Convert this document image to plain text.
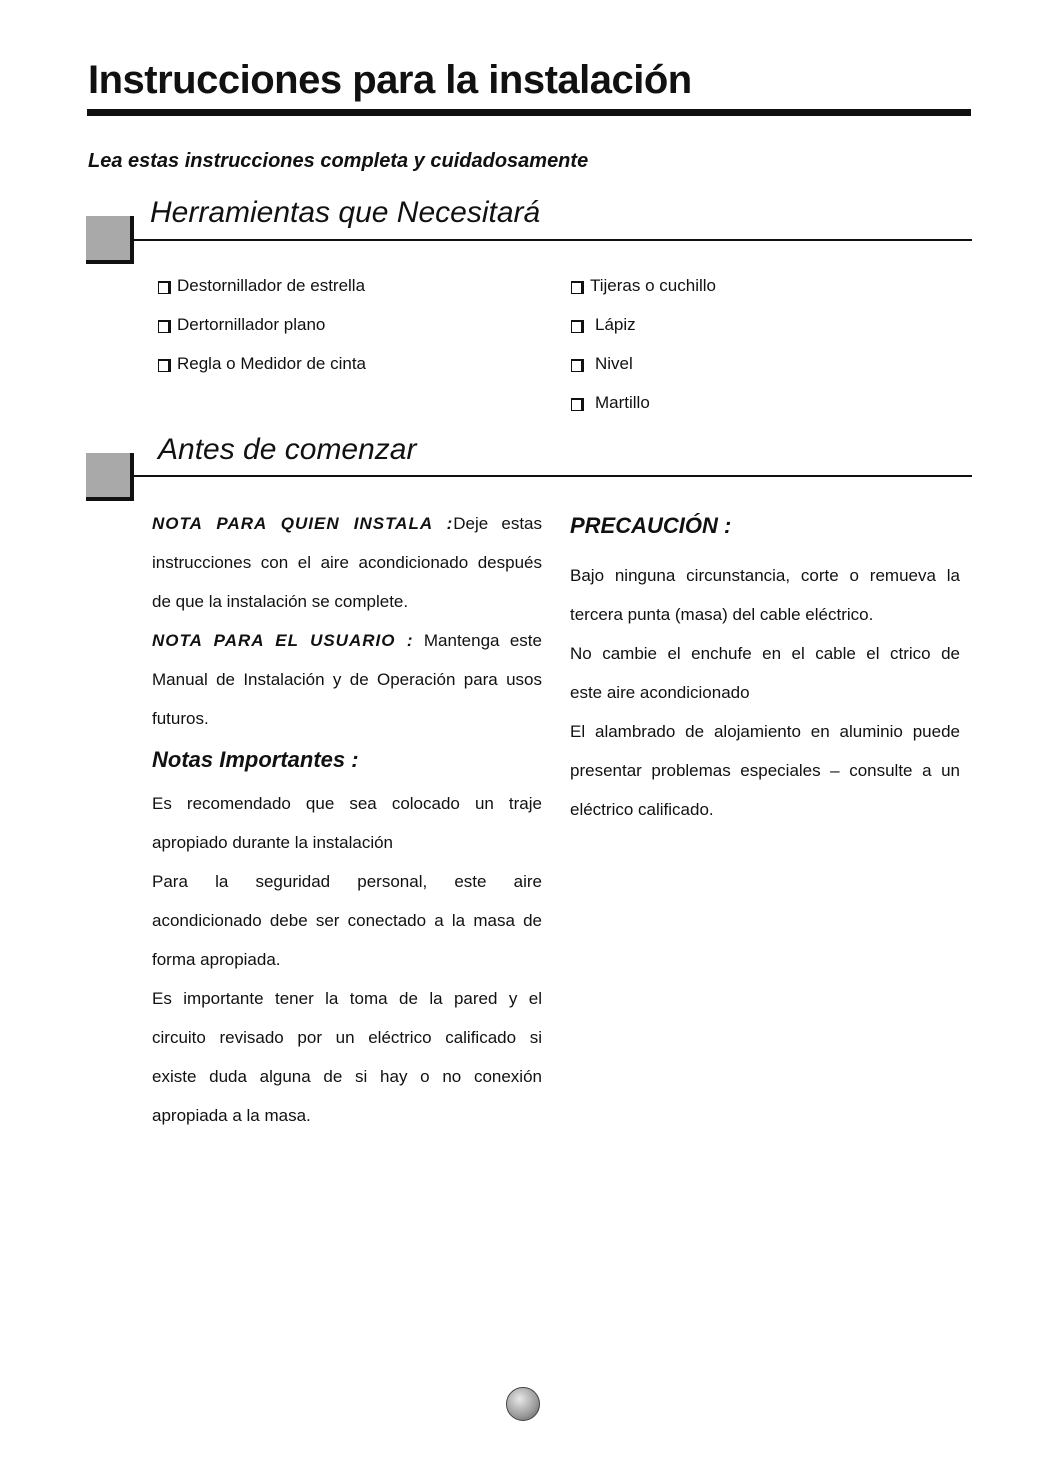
Instrucciones para la instalación
Lea estas instrucciones completa y cuidadosamente
Herramientas que Necesitará
Destornillador de estrella
Dertornillador plano
Regla o Medidor de cinta
Tijeras o cuchillo
Lápiz
Nivel
Martillo
Antes de comenzar

NOTA PARA QUIEN INSTALA :Deje estas

instrucciones con el aire acondicionado después

de que la instalación se complete.

NOTA PARA EL USUARIO : Mantenga este

Manual de Instalación y de Operación para usos

futuros.

Notas Importantes :

Es recomendado que sea colocado un traje

apropiado durante la instalación

Para la seguridad personal, este aire

acondicionado debe ser conectado a la masa de

forma apropiada.

Es importante tener la toma de la pared y el

circuito revisado por un eléctrico calificado si

existe duda alguna de si hay o no conexión

apropiada a la masa.

PRECAUCIÓN :

Bajo ninguna circunstancia, corte o remueva la

tercera punta (masa) del cable eléctrico.

No cambie el enchufe en el cable el ctrico de

este aire acondicionado

El alambrado de alojamiento en aluminio puede

presentar problemas especiales – consulte a un

eléctrico calificado.
